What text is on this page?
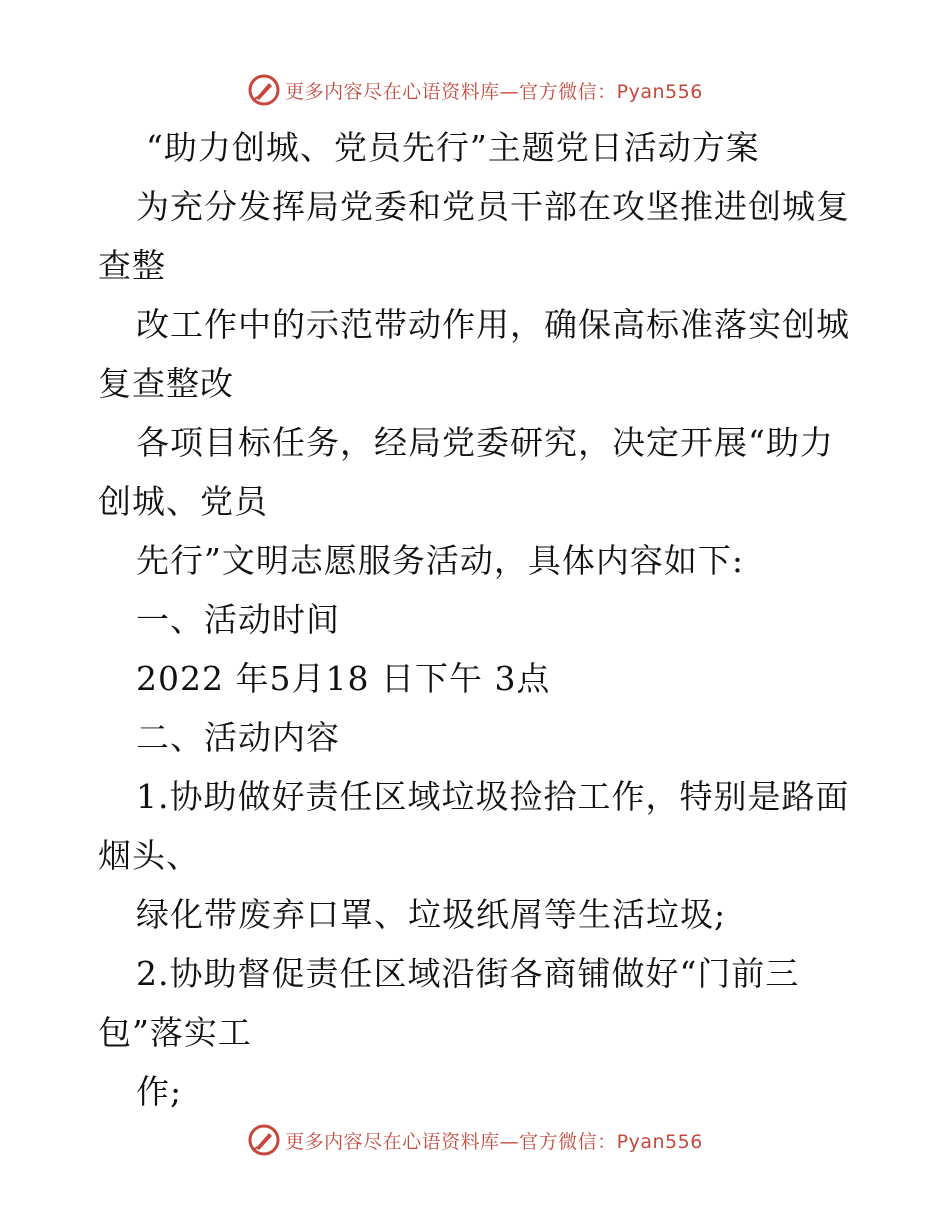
更多内容尽在心语资料库—官方微信：Pyan556
“助力创城、党员先行”主题党日活动方案
为充分发挥局党委和党员干部在攻坚推进创城复
查整
改工作中的示范带动作用，确保高标准落实创城
复查整改
各项目标任务，经局党委研究，决定开展“助力
创城、党员
先行”文明志愿服务活动，具体内容如下:
一、活动时间
2022 年5月18 日下午 3点
二、活动内容
1.协助做好责任区域垃圾捡拾工作，特别是路面
烟头、
绿化带废弃口罩、垃圾纸屑等生活垃圾;
2.协助督促责任区域沿街各商铺做好“门前三
包”落实工
作;
更多内容尽在心语资料库—官方微信：Pyan556
